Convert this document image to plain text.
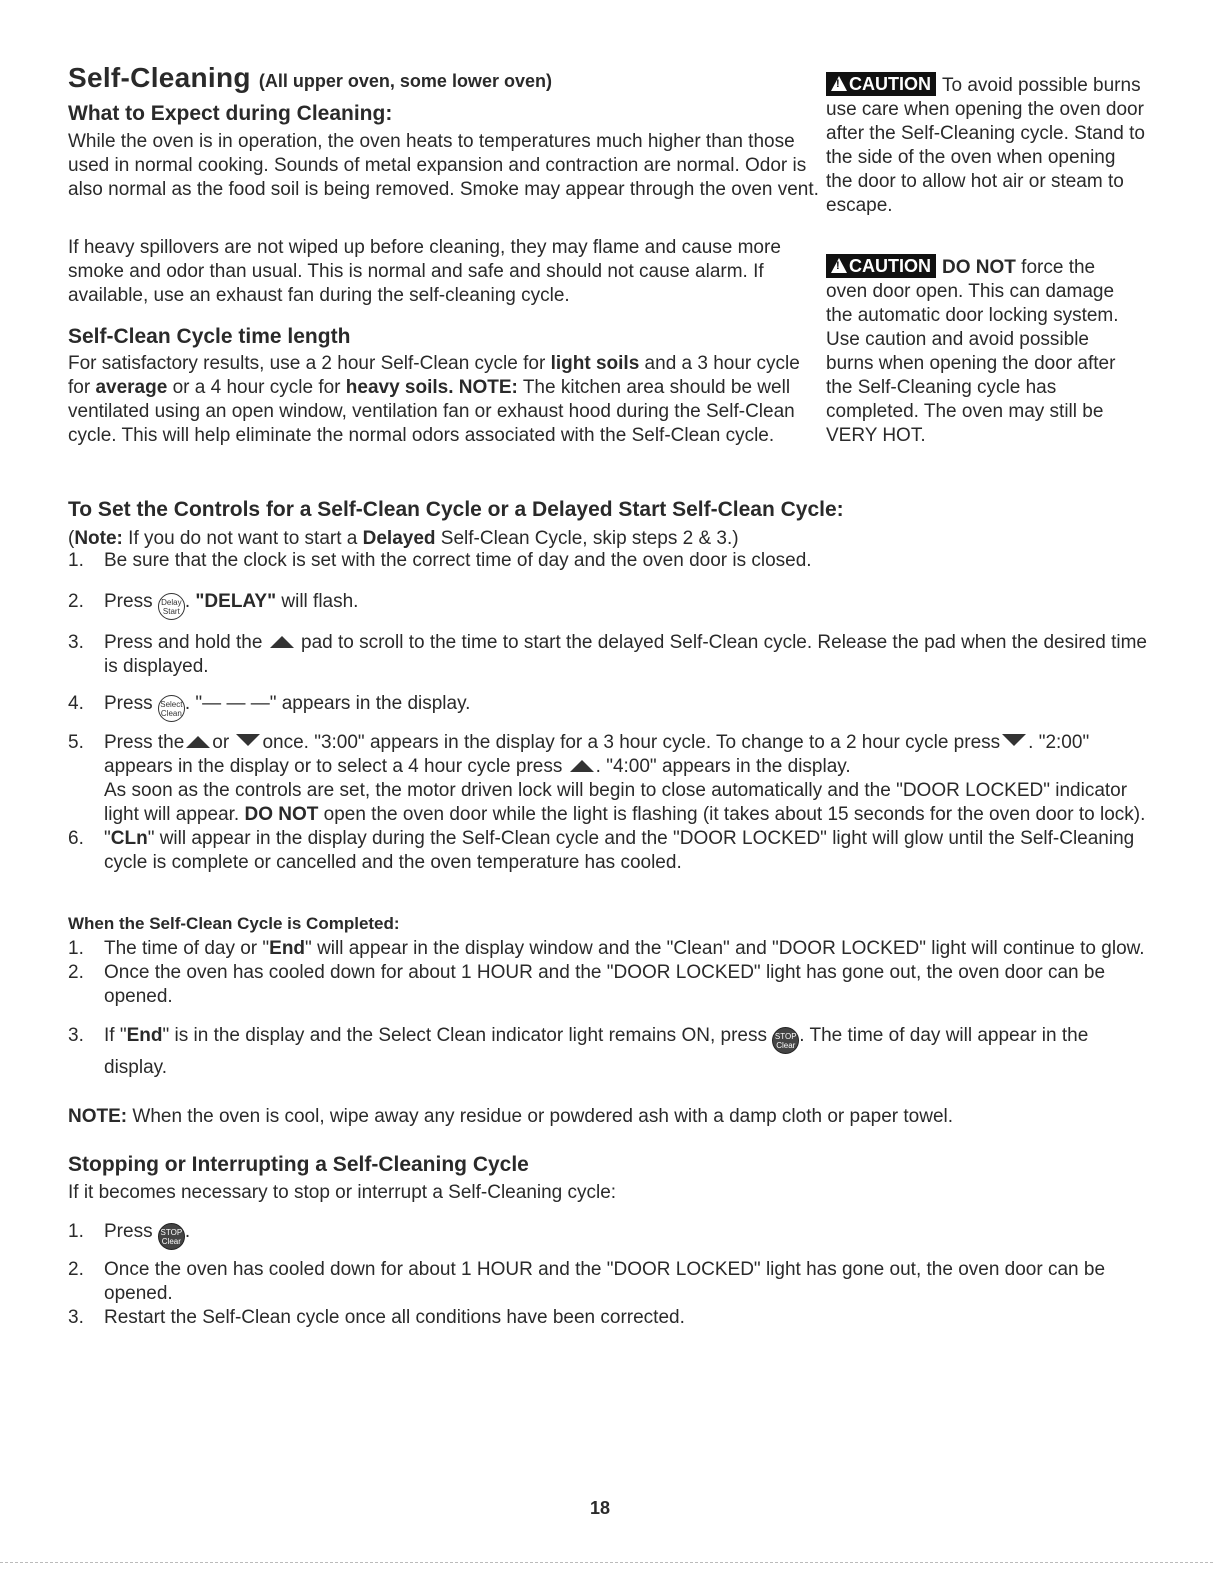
Self-Cleaning (All upper oven, some lower oven)
What to Expect during Cleaning:

While the oven is in operation, the oven heats to temperatures much higher than those used in normal cooking. Sounds of metal expansion and contraction are normal. Odor is also normal as the food soil is being removed. Smoke may appear through the oven vent.

If heavy spillovers are not wiped up before cleaning, they may flame and cause more smoke and odor than usual. This is normal and safe and should not cause alarm. If available, use an exhaust fan during the self-cleaning cycle.

Self-Clean Cycle time length

For satisfactory results, use a 2 hour Self-Clean cycle for light soils and a 3 hour cycle for average or a 4 hour cycle for heavy soils. NOTE: The kitchen area should be well ventilated using an open window, ventilation fan or exhaust hood during the Self-Clean cycle. This will help eliminate the normal odors associated with the Self-Clean cycle.

!CAUTION To avoid possible burns use care when opening the oven door after the Self-Cleaning cycle. Stand to the side of the oven when opening the door to allow hot air or steam to escape.

!CAUTION DO NOT force the oven door open. This can damage the automatic door locking system. Use caution and avoid possible burns when opening the door after the Self-Cleaning cycle has completed. The oven may still be VERY HOT.

To Set the Controls for a Self-Clean Cycle or a Delayed Start Self-Clean Cycle:

(Note: If you do not want to start a Delayed Self-Clean Cycle, skip steps 2 & 3.)

1. Be sure that the clock is set with the correct time of day and the oven door is closed.
2. Press Delay
Start . "DELAY" will flash.
3. Press and hold the  pad to scroll to the time to start the delayed Self-Clean cycle. Release the pad when the desired time is displayed.
4. Press Select
Clean . "— — —" appears in the display.
5. Press the or once. "3:00" appears in the display for a 3 hour cycle. To change to a 2 hour cycle press . "2:00" appears in the display or to select a 4 hour cycle press . "4:00" appears in the display.
As soon as the controls are set, the motor driven lock will begin to close automatically and the "DOOR LOCKED" indicator light will appear. DO NOT open the oven door while the light is flashing (it takes about 15 seconds for the oven door to lock).
6. "CLn" will appear in the display during the Self-Clean cycle and the "DOOR LOCKED" light will glow until the Self-Cleaning cycle is complete or cancelled and the oven temperature has cooled.
When the Self-Clean Cycle is Completed:
1. The time of day or "End" will appear in the display window and the "Clean" and "DOOR LOCKED" light will continue to glow.
2. Once the oven has cooled down for about 1 HOUR and the "DOOR LOCKED" light has gone out, the oven door can be opened.
3. If "End" is in the display and the Select Clean indicator light remains ON, press STOP
Clear . The time of day will appear in the display.

NOTE: When the oven is cool, wipe away any residue or powdered ash with a damp cloth or paper towel.

Stopping or Interrupting a Self-Cleaning Cycle

If it becomes necessary to stop or interrupt a Self-Cleaning cycle:

1. Press STOP
Clear .
2. Once the oven has cooled down for about 1 HOUR and the "DOOR LOCKED" light has gone out, the oven door can be opened.
3. Restart the Self-Clean cycle once all conditions have been corrected.
18
